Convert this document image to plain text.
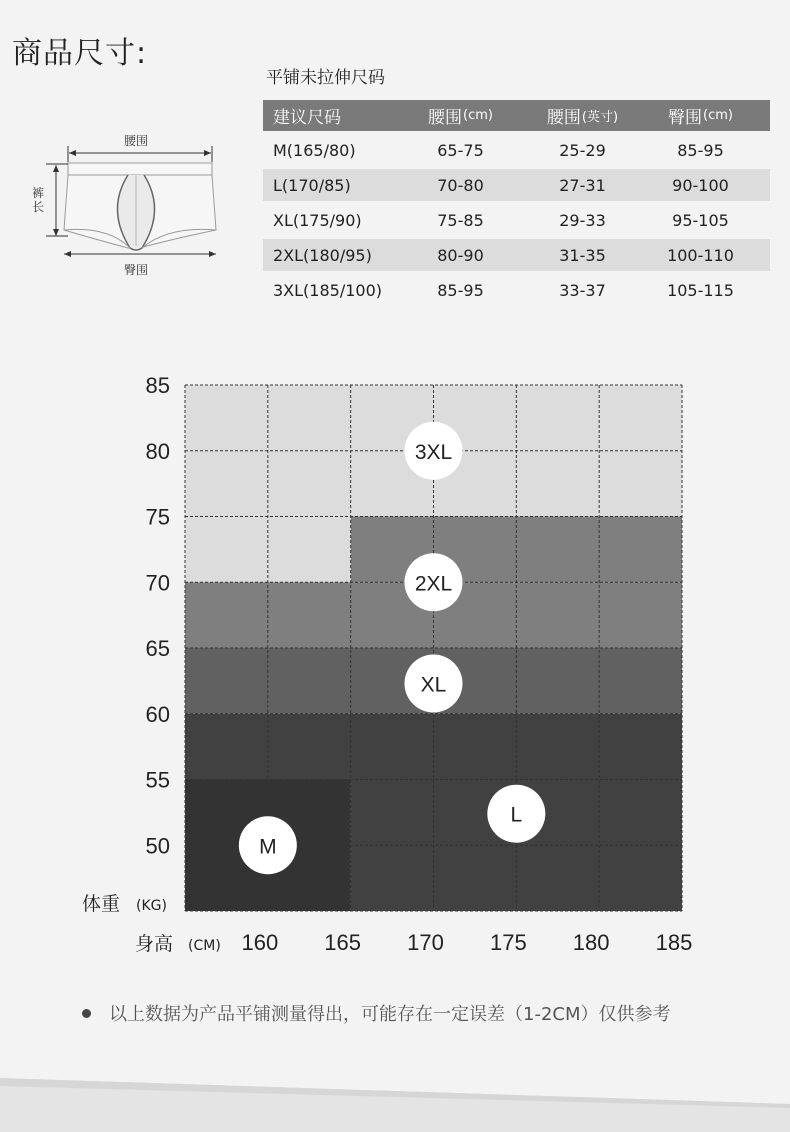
商品尺寸:
平铺未拉伸尺码
腰围
裤长
臀围
建议尺码	腰围 (cm)	腰围 (英寸)	臀围 (cm)
M(165/80)	65-75	25-29	85-95
L(170/85)	70-80	27-31	90-100
XL(175/90)	75-85	29-33	95-105
2XL(180/95)	80-90	31-35	100-110
3XL(185/100)	85-95	33-37	105-115
50
55
60
65
70
75
80
85
160 165 170 175 180 185
3XL
2XL
XL
L
M
体重 (KG)
身高 (CM)
以上数据为产品平铺测量得出，可能存在一定误差（1-2CM）仅供参考
